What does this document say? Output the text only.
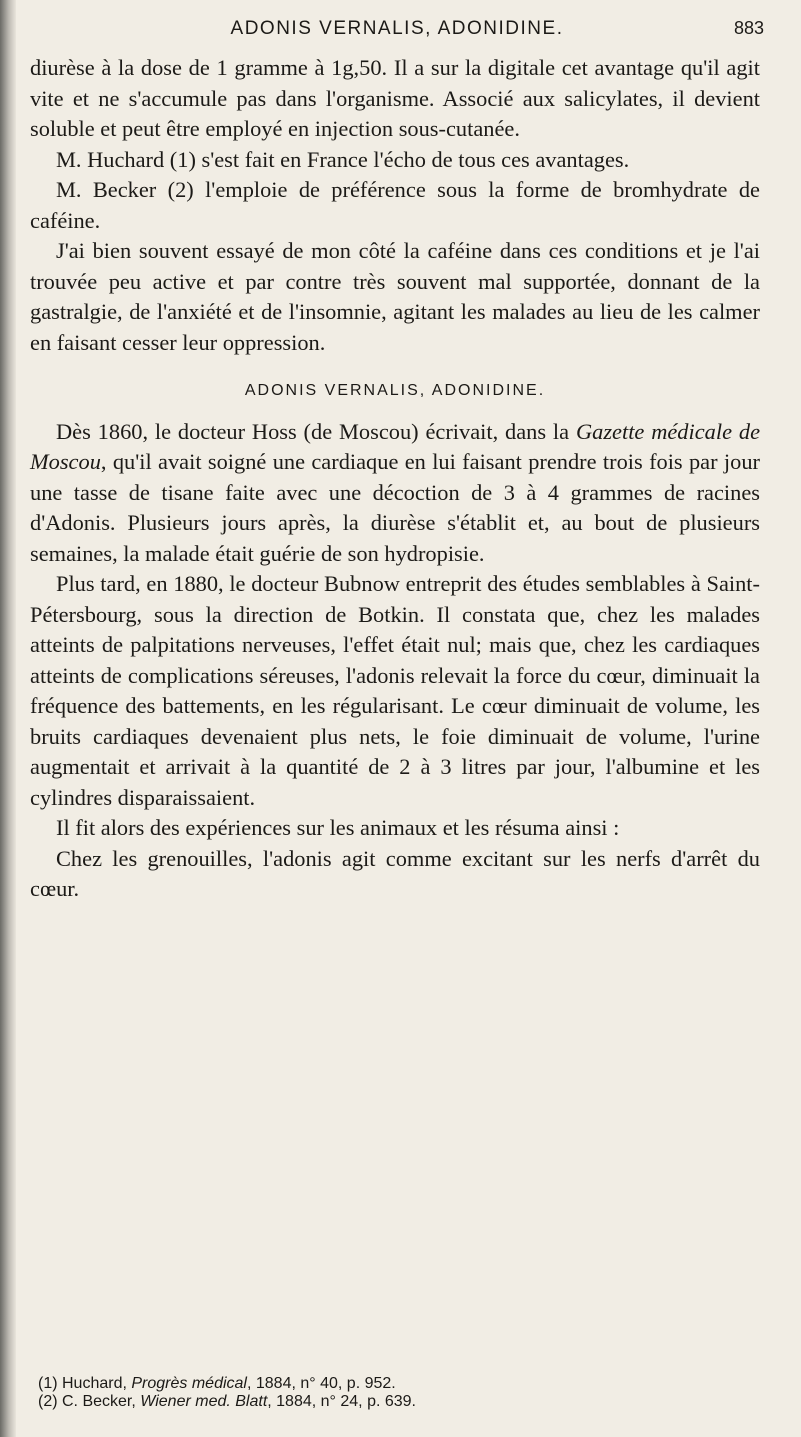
ADONIS VERNALIS, ADONIDINE.	883

diurèse à la dose de 1 gramme à 1g,50. Il a sur la digitale cet avantage qu'il agit vite et ne s'accumule pas dans l'organisme. Associé aux salicylates, il devient soluble et peut être employé en injection sous-cutanée.

M. Huchard (1) s'est fait en France l'écho de tous ces avantages.

M. Becker (2) l'emploie de préférence sous la forme de bromhydrate de caféine.

J'ai bien souvent essayé de mon côté la caféine dans ces conditions et je l'ai trouvée peu active et par contre très souvent mal supportée, donnant de la gastralgie, de l'anxiété et de l'insomnie, agitant les malades au lieu de les calmer en faisant cesser leur oppression.

ADONIS VERNALIS, ADONIDINE.

Dès 1860, le docteur Hoss (de Moscou) écrivait, dans la Gazette médicale de Moscou, qu'il avait soigné une cardiaque en lui faisant prendre trois fois par jour une tasse de tisane faite avec une décoction de 3 à 4 grammes de racines d'Adonis. Plusieurs jours après, la diurèse s'établit et, au bout de plusieurs semaines, la malade était guérie de son hydropisie.

Plus tard, en 1880, le docteur Bubnow entreprit des études semblables à Saint-Pétersbourg, sous la direction de Botkin. Il constata que, chez les malades atteints de palpitations nerveuses, l'effet était nul; mais que, chez les cardiaques atteints de complications séreuses, l'adonis relevait la force du cœur, diminuait la fréquence des battements, en les régularisant. Le cœur diminuait de volume, les bruits cardiaques devenaient plus nets, le foie diminuait de volume, l'urine augmentait et arrivait à la quantité de 2 à 3 litres par jour, l'albumine et les cylindres disparaissaient.

Il fit alors des expériences sur les animaux et les résuma ainsi :

Chez les grenouilles, l'adonis agit comme excitant sur les nerfs d'arrêt du cœur.

(1) Huchard, Progrès médical, 1884, n° 40, p. 952.
(2) C. Becker, Wiener med. Blatt, 1884, n° 24, p. 639.
